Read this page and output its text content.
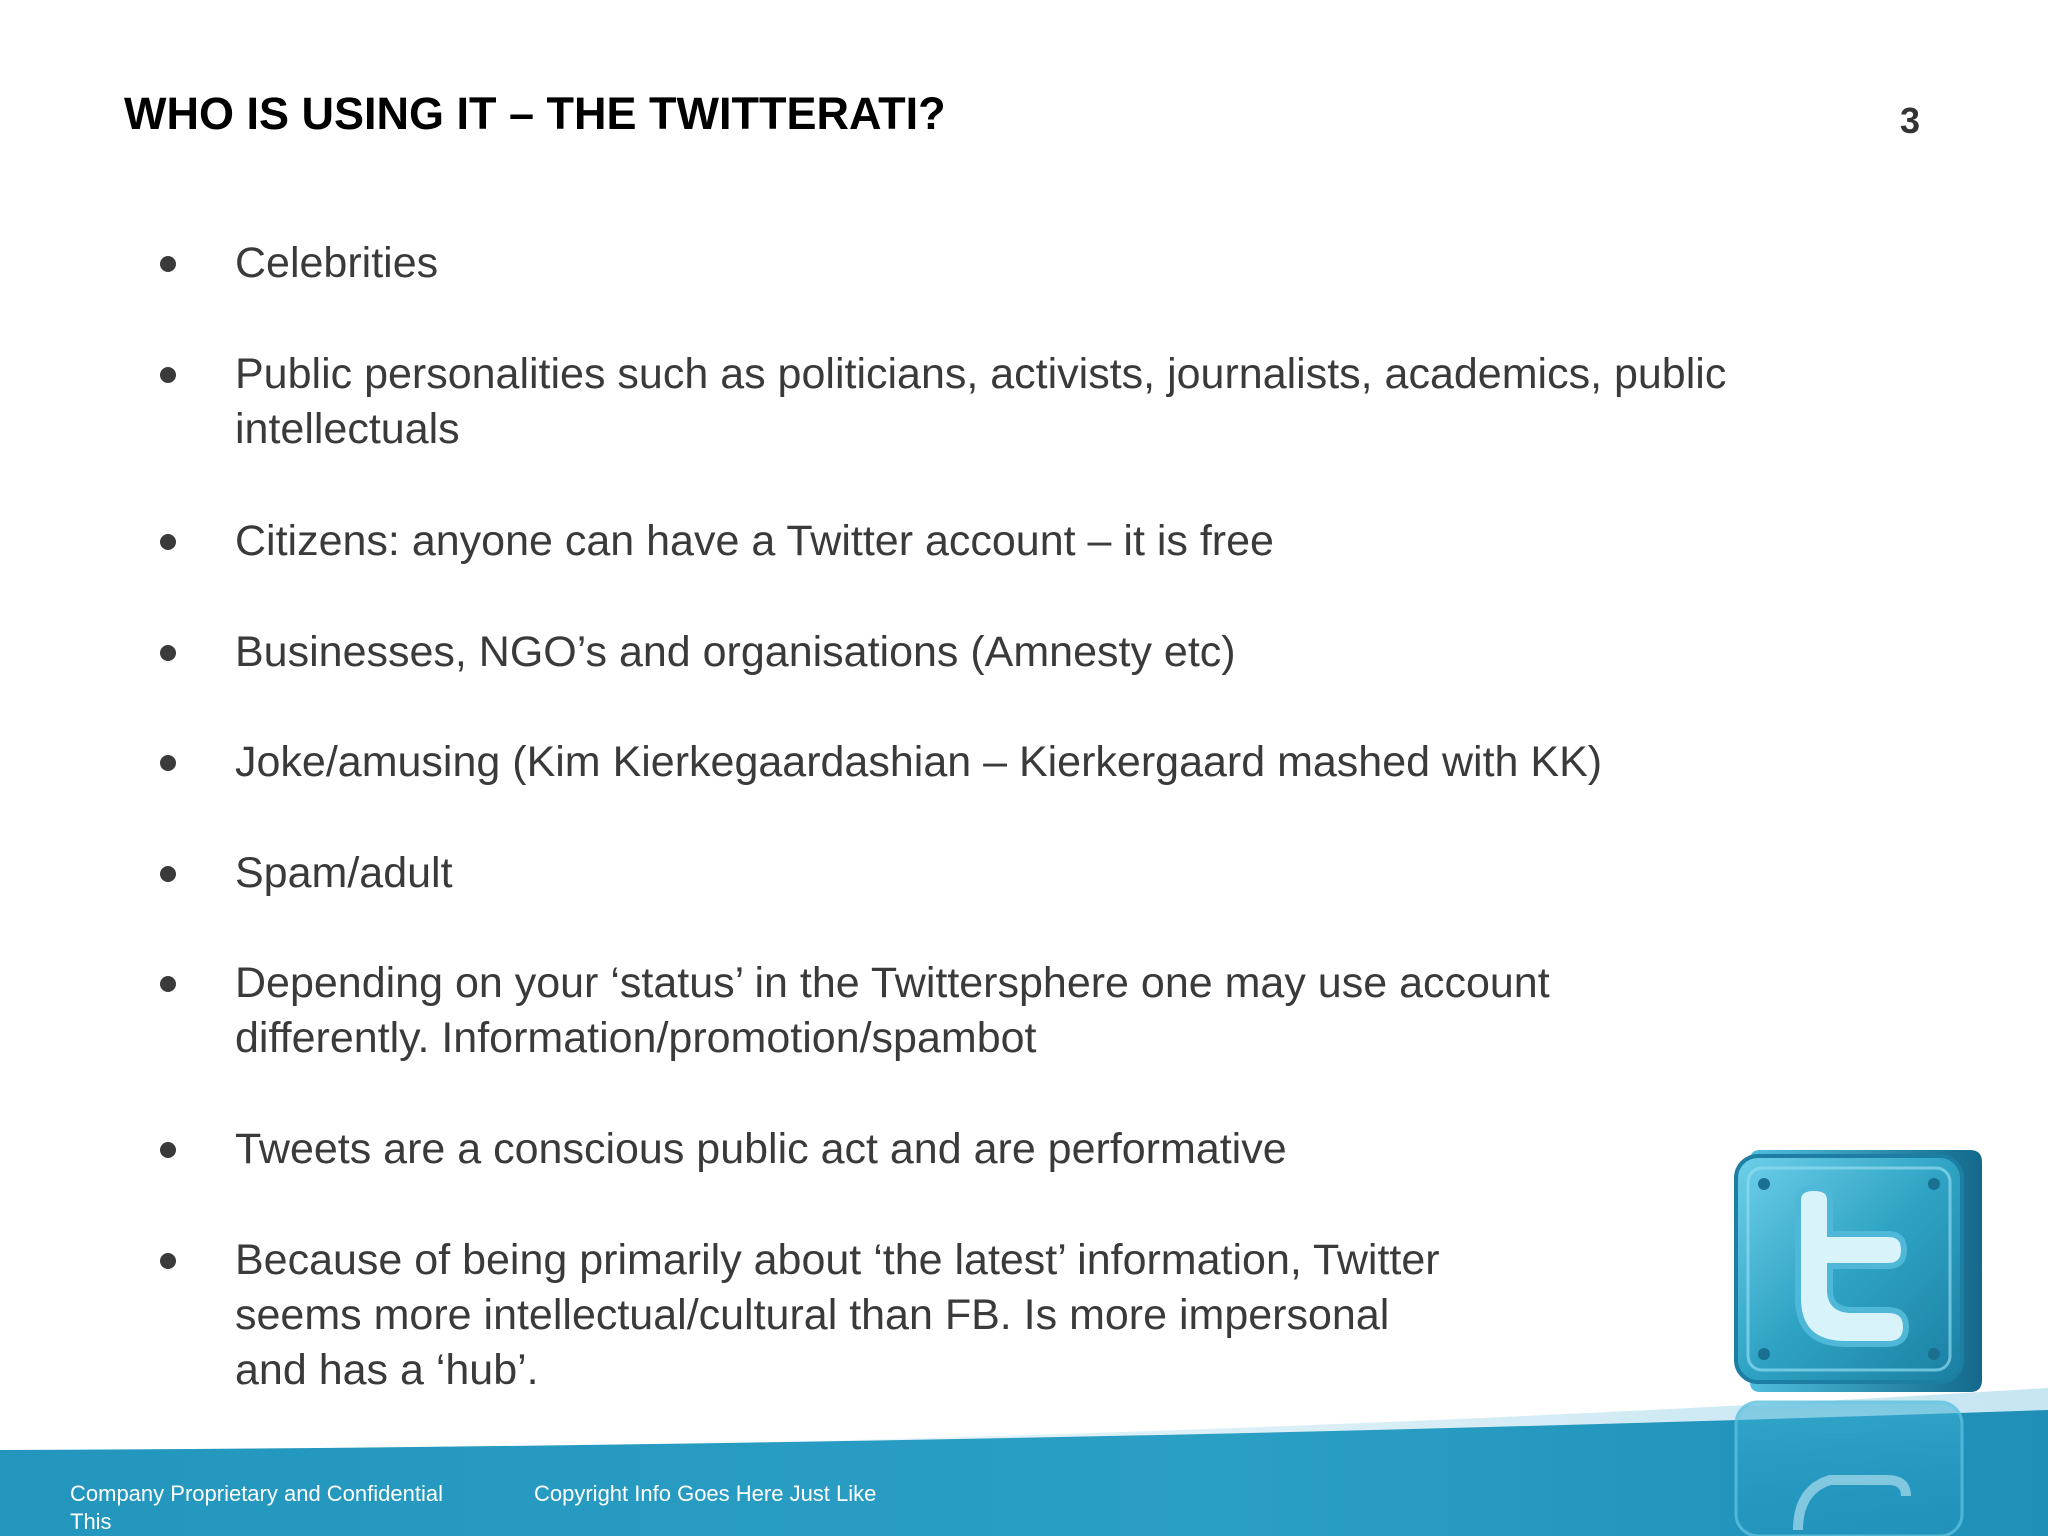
WHO IS USING IT – THE TWITTERATI?	3
Celebrities
Public personalities such as politicians, activists, journalists, academics, public
intellectuals
Citizens: anyone can have a Twitter account – it is free
Businesses, NGO’s and organisations (Amnesty etc)
Joke/amusing (Kim Kierkegaardashian – Kierkergaard mashed with KK)
Spam/adult
Depending on your ‘status’ in the Twittersphere one may use account
differently. Information/promotion/spambot
Tweets are a conscious public act and are performative
Because of being primarily about ‘the latest’ information, Twitter
seems more intellectual/cultural than FB. Is more impersonal
and has a ‘hub’.
Company Proprietary and Confidential
This
Copyright Info Goes Here Just Like
